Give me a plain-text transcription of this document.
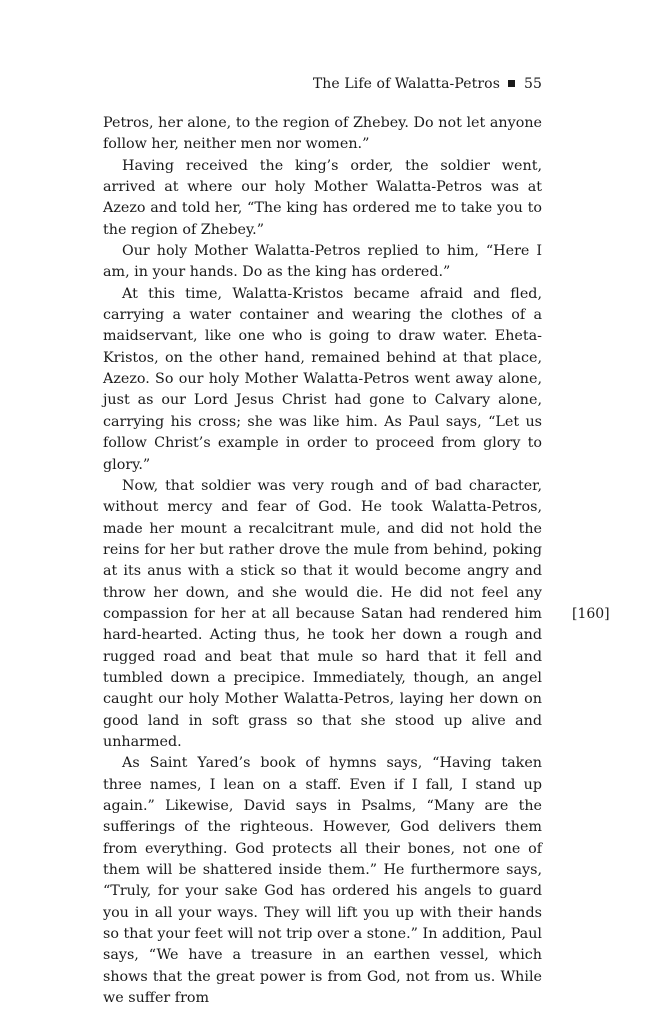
The Life of Walatta-Petros 55

Petros, her alone, to the region of Zhebey. Do not let anyone follow her, neither men nor women.”

Having received the king’s order, the soldier went, arrived at where our holy Mother Walatta-Petros was at Azezo and told her, “The king has ordered me to take you to the region of Zhebey.”

Our holy Mother Walatta-Petros replied to him, “Here I am, in your hands. Do as the king has ordered.”

At this time, Walatta-Kristos became afraid and fled, carrying a water container and wearing the clothes of a maidservant, like one who is going to draw water. Eheta-Kristos, on the other hand, remained behind at that place, Azezo. So our holy Mother Walatta-Petros went away alone, just as our Lord Jesus Christ had gone to Calvary alone, carrying his cross; she was like him. As Paul says, “Let us follow Christ’s example in order to proceed from glory to glory.”

Now, that soldier was very rough and of bad character, without mercy and fear of God. He took Walatta-Petros, made her mount a recalcitrant mule, and did not hold the reins for her but rather drove the mule from behind, poking at its anus with a stick so that it would become angry and throw her down, and she would die. He did not feel any compassion for her at all because Satan had rendered him hard-hearted. Acting thus, he took her down a rough and rugged road and beat that mule so hard that it fell and tumbled down a precipice. Immediately, though, an angel caught our holy Mother Walatta-Petros, laying her down on good land in soft grass so that she stood up alive and unharmed.

As Saint Yared’s book of hymns says, “Having taken three names, I lean on a staff. Even if I fall, I stand up again.” Likewise, David says in Psalms, “Many are the sufferings of the righteous. However, God delivers them from everything. God protects all their bones, not one of them will be shattered inside them.” He furthermore says, “Truly, for your sake God has ordered his angels to guard you in all your ways. They will lift you up with their hands so that your feet will not trip over a stone.” In addition, Paul says, “We have a treasure in an earthen vessel, which shows that the great power is from God, not from us. While we suffer from

[160]
